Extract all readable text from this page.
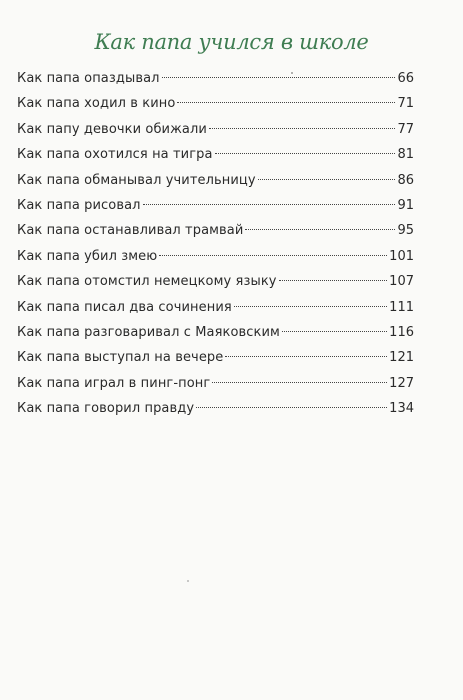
Как папа учился в школе
Как папа опаздывал	66
Как папа ходил в кино	71
Как папу девочки обижали	77
Как папа охотился на тигра	81
Как папа обманывал учительницу	86
Как папа рисовал	91
Как папа останавливал трамвай	95
Как папа убил змею	101
Как папа отомстил немецкому языку	107
Как папа писал два сочинения	111
Как папа разговаривал с Маяковским	116
Как папа выступал на вечере	121
Как папа играл в пинг-понг	127
Как папа говорил правду	134
